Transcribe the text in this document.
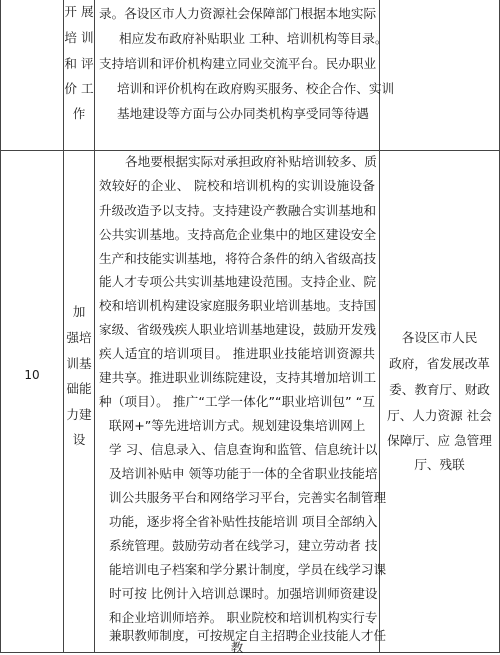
开 展
培 训
和 评
价 工
作
录。各设区市人力资源社会保障部门根据本地实际
相应发布政府补贴职业 工种、培训机构等目录。
支持培训和评价机构建立同业交流平台。民办职业
培训和评价机构在政府购买服务、校企合作、实训
基地建设等方面与公办同类机构享受同等待遇
10
加
强培
训基
础能
力建
设
各地要根据实际对承担政府补贴培训较多、质
效较好的企业、 院校和培训机构的实训设施设备
升级改造予以支持。支持建设产教融合实训基地和
公共实训基地。支持高危企业集中的地区建设安全
生产和技能实训基地，将符合条件的纳入省级高技
能人才专项公共实训基地建设范围。支持企业、院
校和培训机构建设家庭服务职业培训基地。支持国
家级、省级残疾人职业培训基地建设，鼓励开发残
疾人适宜的培训项目。 推进职业技能培训资源共
建共享。推进职业训练院建设，支持其增加培训工
种（项目）。 推广“工学一体化”“职业培训包” “互
联网+”等先进培训方式。规划建设集培训网上
学 习、信息录入、信息查询和监管、信息统计以
及培训补贴申 领等功能于一体的全省职业技能培
训公共服务平台和网络学习平台，完善实名制管理
功能，逐步将全省补贴性技能培训 项目全部纳入
系统管理。鼓励劳动者在线学习，建立劳动者 技
能培训电子档案和学分累计制度，学员在线学习课
时可按 比例计入培训总课时。加强培训师资建设
和企业培训师培养。 职业院校和培训机构实行专
兼职教师制度，可按规定自主招聘企业技能人才任
教
各设区市人民
政府，省发展改革
委、教育厅、财政
厅、人力资源 社会
保障厅、应 急管理
厅、残联
